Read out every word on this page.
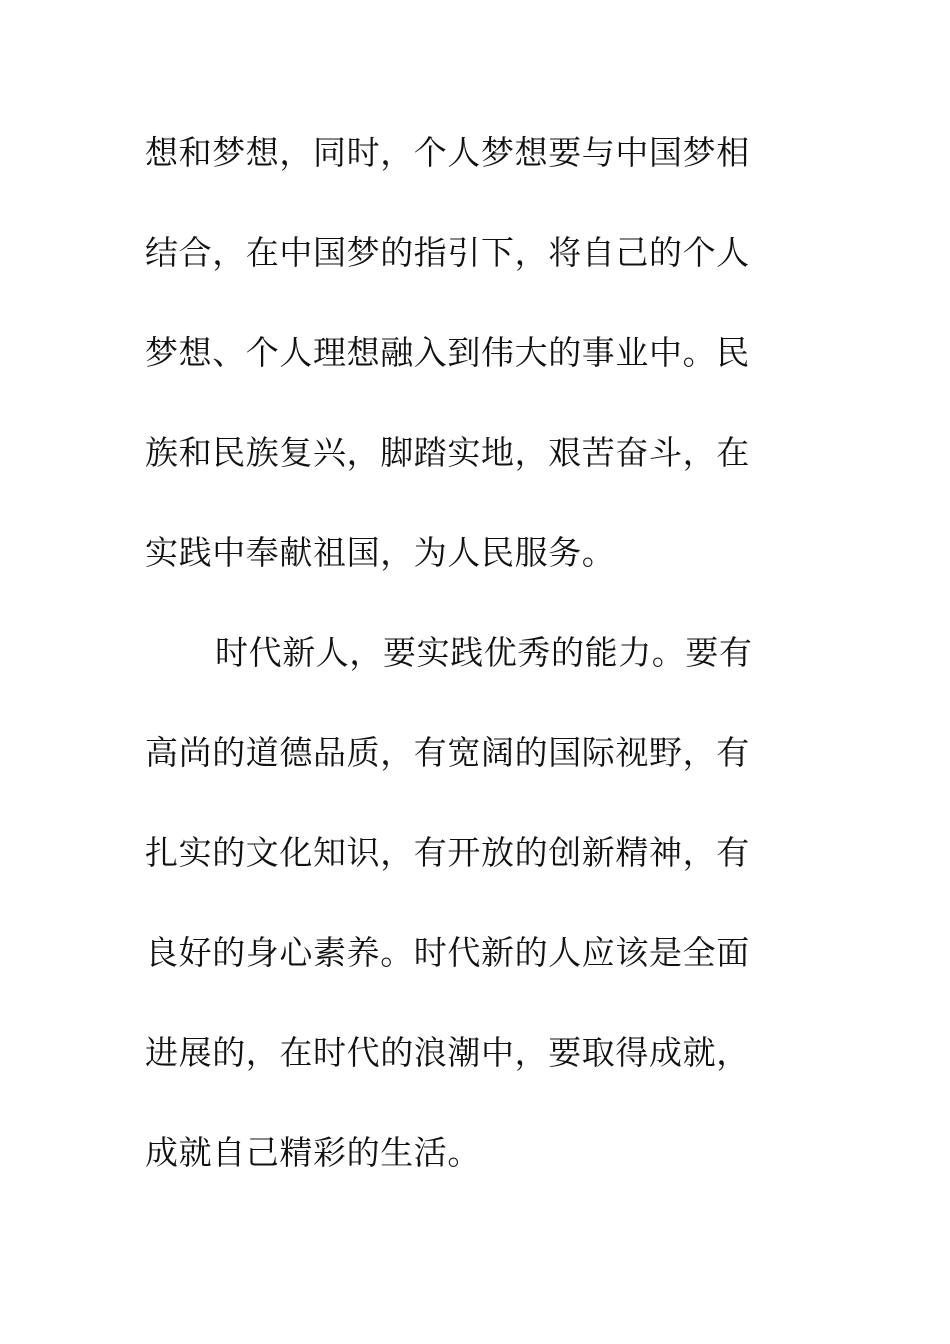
想和梦想，同时，个人梦想要与中国梦相
结合，在中国梦的指引下，将自己的个人
梦想、个人理想融入到伟大的事业中。民
族和民族复兴，脚踏实地，艰苦奋斗，在
实践中奉献祖国，为人民服务。
时代新人，要实践优秀的能力。要有
高尚的道德品质，有宽阔的国际视野，有
扎实的文化知识，有开放的创新精神，有
良好的身心素养。时代新的人应该是全面
进展的，在时代的浪潮中，要取得成就，
成就自己精彩的生活。
